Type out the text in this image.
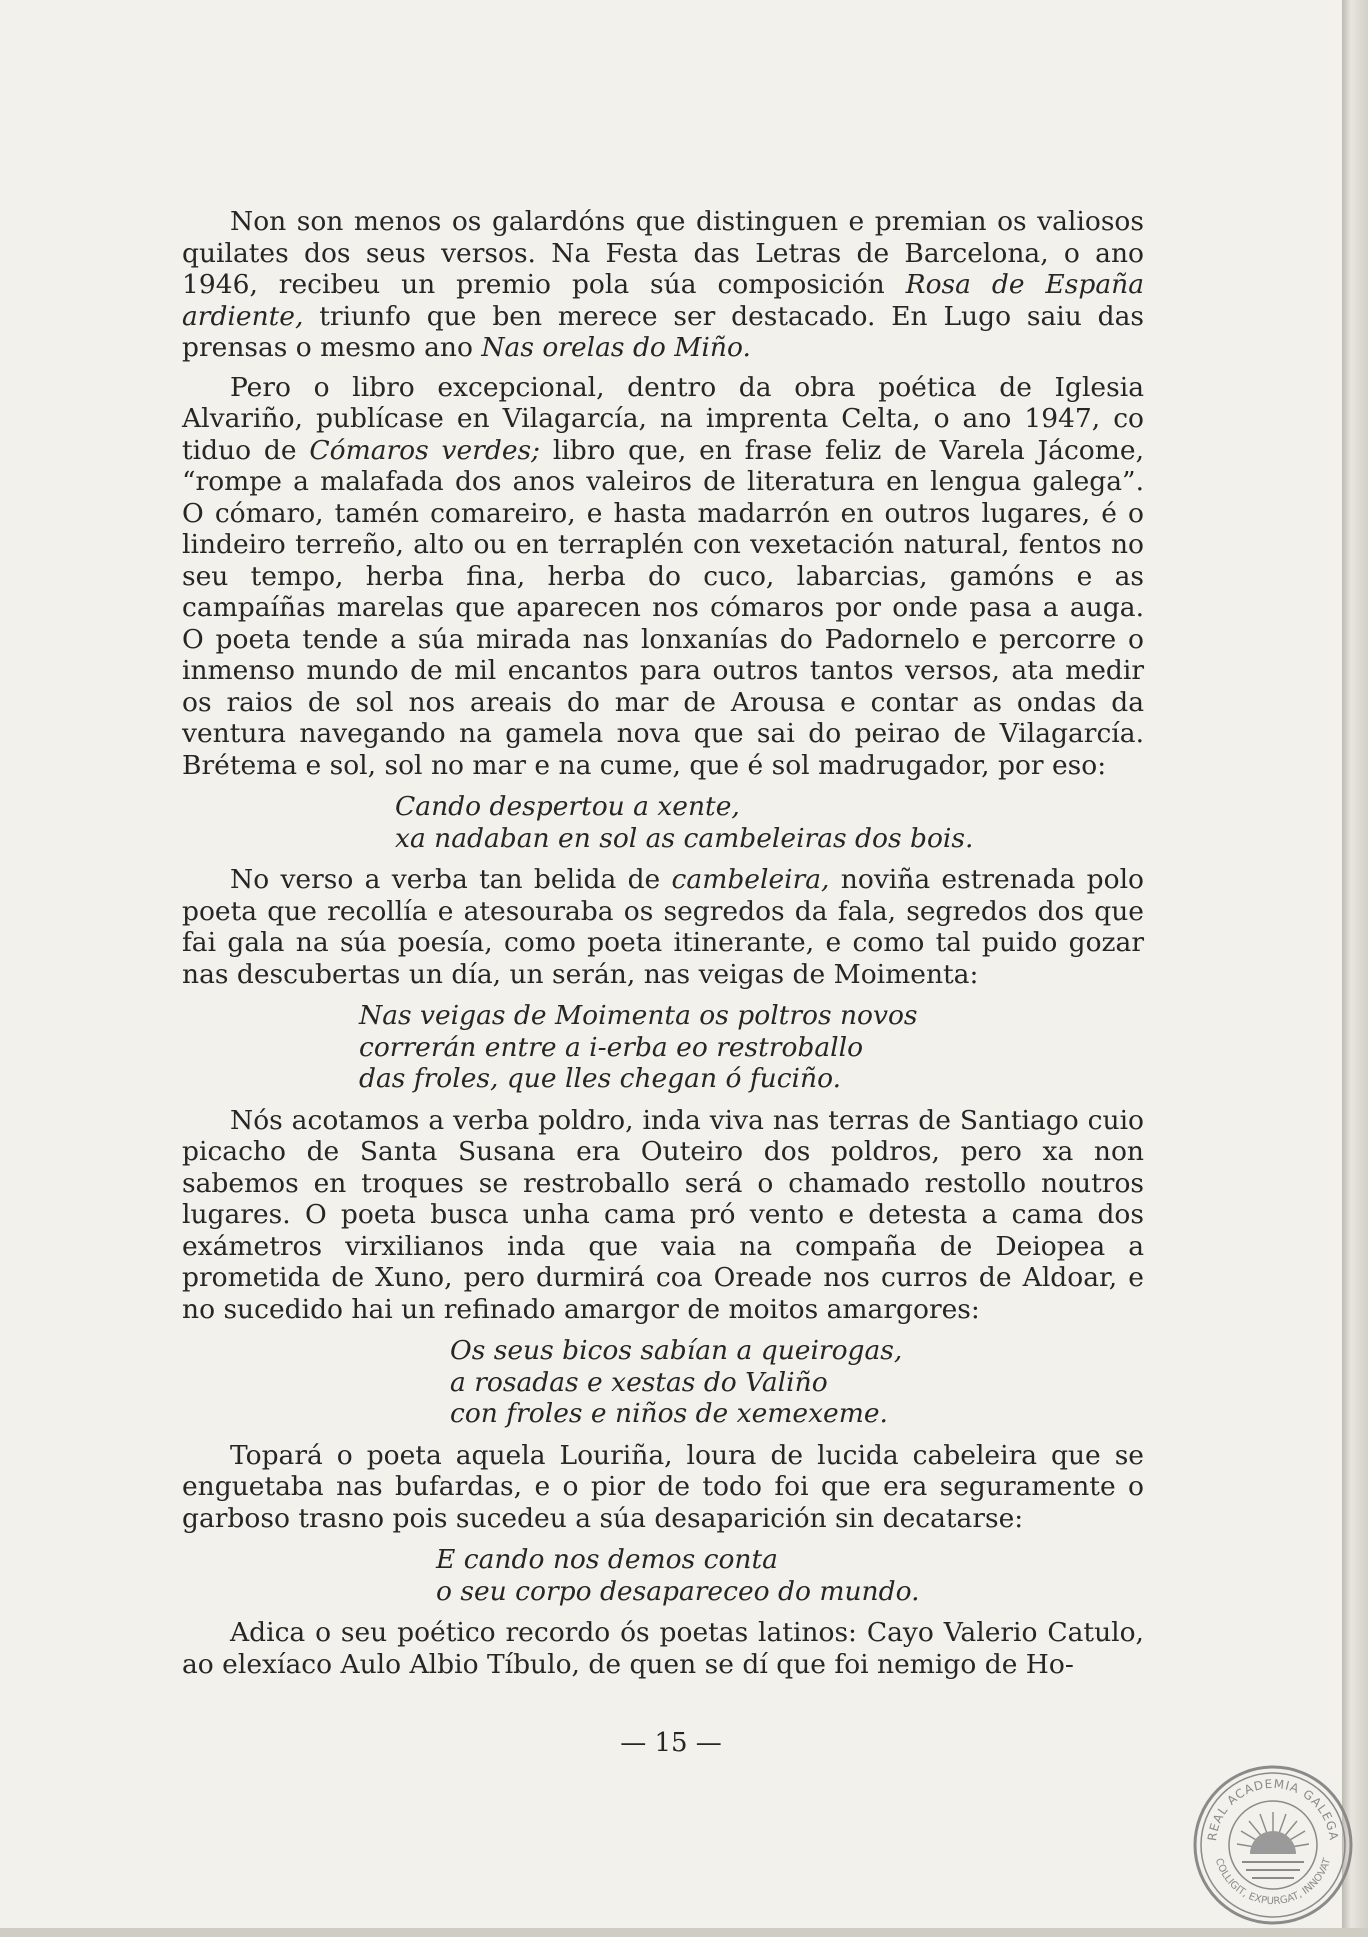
Non son menos os galardóns que distinguen e premian os valiosos quilates dos seus versos. Na Festa das Letras de Barcelona, o ano 1946, recibeu un premio pola súa composición Rosa de España ardiente, triunfo que ben merece ser destacado. En Lugo saiu das prensas o mesmo ano Nas orelas do Miño.

Pero o libro excepcional, dentro da obra poética de Iglesia Alvariño, publícase en Vilagarcía, na imprenta Celta, o ano 1947, co tiduo de Cómaros verdes; libro que, en frase feliz de Varela Jácome, “rompe a malafada dos anos valeiros de literatura en lengua galega”. O cómaro, tamén comareiro, e hasta madarrón en outros lugares, é o lindeiro terreño, alto ou en terraplén con vexetación natural, fentos no seu tempo, herba fina, herba do cuco, labarcias, gamóns e as campaíñas marelas que aparecen nos cómaros por onde pasa a auga. O poeta tende a súa mirada nas lonxanías do Padornelo e percorre o inmenso mundo de mil encantos para outros tantos versos, ata medir os raios de sol nos areais do mar de Arousa e contar as ondas da ventura navegando na gamela nova que sai do peirao de Vilagarcía. Brétema e sol, sol no mar e na cume, que é sol madrugador, por eso:

Cando despertou a xente,
xa nadaban en sol as cambeleiras dos bois.

No verso a verba tan belida de cambeleira, noviña estrenada polo poeta que recollía e atesouraba os segredos da fala, segredos dos que fai gala na súa poesía, como poeta itinerante, e como tal puido gozar nas descubertas un día, un serán, nas veigas de Moimenta:

Nas veigas de Moimenta os poltros novos
correrán entre a i-erba eo restroballo
das froles, que lles chegan ó fuciño.

Nós acotamos a verba poldro, inda viva nas terras de Santiago cuio picacho de Santa Susana era Outeiro dos poldros, pero xa non sabemos en troques se restroballo será o chamado restollo noutros lugares. O poeta busca unha cama pró vento e detesta a cama dos exámetros virxilianos inda que vaia na compaña de Deiopea a prometida de Xuno, pero durmirá coa Oreade nos curros de Aldoar, e no sucedido hai un refinado amargor de moitos amargores:

Os seus bicos sabían a queirogas,
a rosadas e xestas do Valiño
con froles e niños de xemexeme.

Topará o poeta aquela Louriña, loura de lucida cabeleira que se enguetaba nas bufardas, e o pior de todo foi que era seguramente o garboso trasno pois sucedeu a súa desaparición sin decatarse:

E cando nos demos conta
o seu corpo desapareceo do mundo.

Adica o seu poético recordo ós poetas latinos: Cayo Valerio Catulo, ao elexíaco Aulo Albio Tíbulo, de quen se dí que foi nemigo de Ho-

— 15 —
REAL ACADEMIA GALEGA
COLLIGIT, EXPURGAT, INNOVAT
